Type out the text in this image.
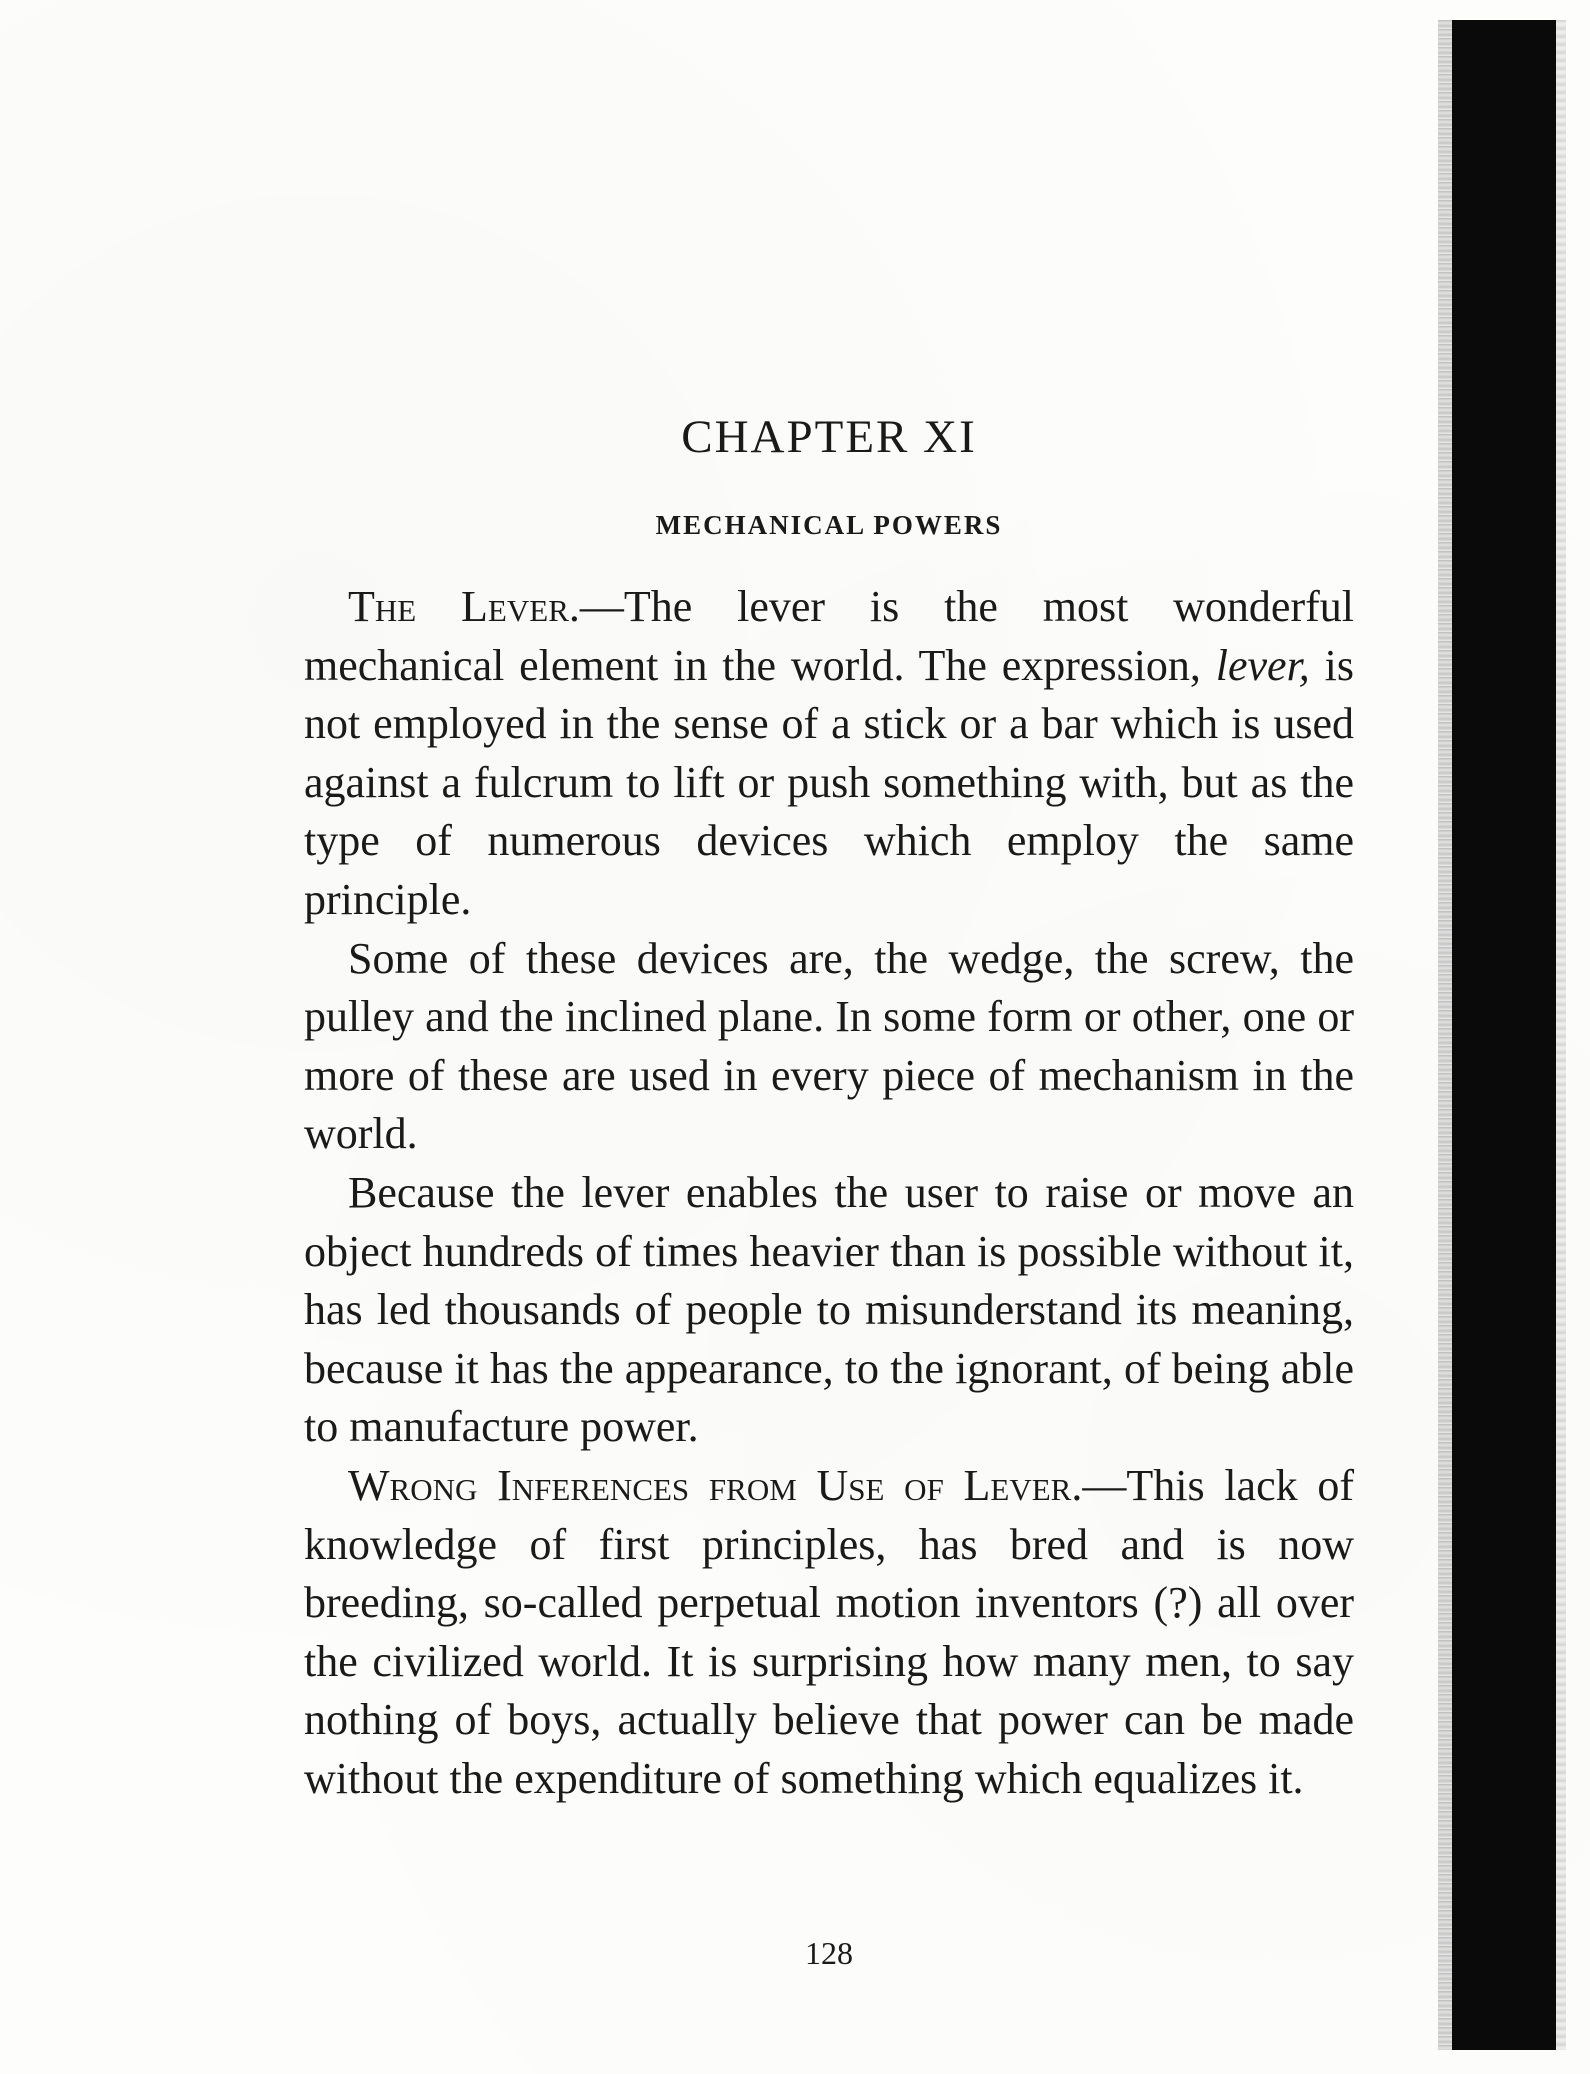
CHAPTER XI
MECHANICAL POWERS

The Lever.—The lever is the most wonderful mechanical element in the world. The expression, lever, is not employed in the sense of a stick or a bar which is used against a fulcrum to lift or push something with, but as the type of numerous devices which employ the same principle.

Some of these devices are, the wedge, the screw, the pulley and the inclined plane. In some form or other, one or more of these are used in every piece of mechanism in the world.

Because the lever enables the user to raise or move an object hundreds of times heavier than is possible without it, has led thousands of people to misunderstand its meaning, because it has the appearance, to the ignorant, of being able to manufacture power.

Wrong Inferences from Use of Lever.—This lack of knowledge of first principles, has bred and is now breeding, so-called perpetual motion inventors (?) all over the civilized world. It is surprising how many men, to say nothing of boys, actually believe that power can be made without the expenditure of something which equalizes it.

128
